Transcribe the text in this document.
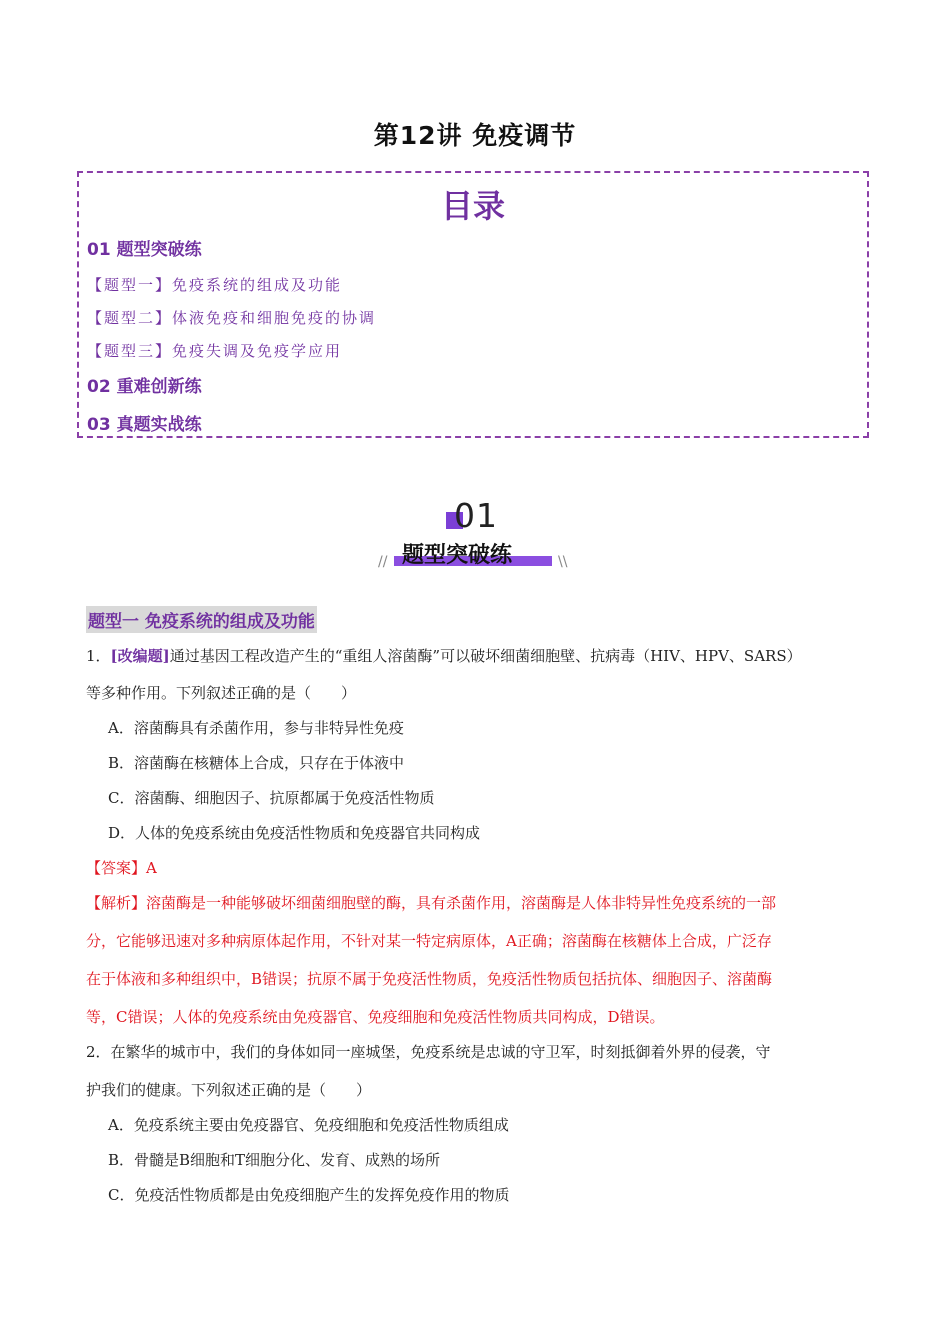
第12讲 免疫调节
目录
01 题型突破练
【题型一】免疫系统的组成及功能
【题型二】体液免疫和细胞免疫的协调
【题型三】免疫失调及免疫学应用
02 重难创新练
03 真题实战练
01
题型突破练
//	\\
题型一 免疫系统的组成及功能
1．[改编题]通过基因工程改造产生的“重组人溶菌酶”可以破坏细菌细胞壁、抗病毒（HIV、HPV、SARS）
等多种作用。下列叙述正确的是（　　）
A．溶菌酶具有杀菌作用，参与非特异性免疫
B．溶菌酶在核糖体上合成，只存在于体液中
C．溶菌酶、细胞因子、抗原都属于免疫活性物质
D．人体的免疫系统由免疫活性物质和免疫器官共同构成
【答案】A
【解析】溶菌酶是一种能够破坏细菌细胞壁的酶，具有杀菌作用，溶菌酶是人体非特异性免疫系统的一部
分，它能够迅速对多种病原体起作用，不针对某一特定病原体，A正确；溶菌酶在核糖体上合成，广泛存
在于体液和多种组织中，B错误；抗原不属于免疫活性物质，免疫活性物质包括抗体、细胞因子、溶菌酶
等，C错误；人体的免疫系统由免疫器官、免疫细胞和免疫活性物质共同构成，D错误。
2．在繁华的城市中，我们的身体如同一座城堡，免疫系统是忠诚的守卫军，时刻抵御着外界的侵袭，守
护我们的健康。下列叙述正确的是（　　）
A．免疫系统主要由免疫器官、免疫细胞和免疫活性物质组成
B．骨髓是B细胞和T细胞分化、发育、成熟的场所
C．免疫活性物质都是由免疫细胞产生的发挥免疫作用的物质
